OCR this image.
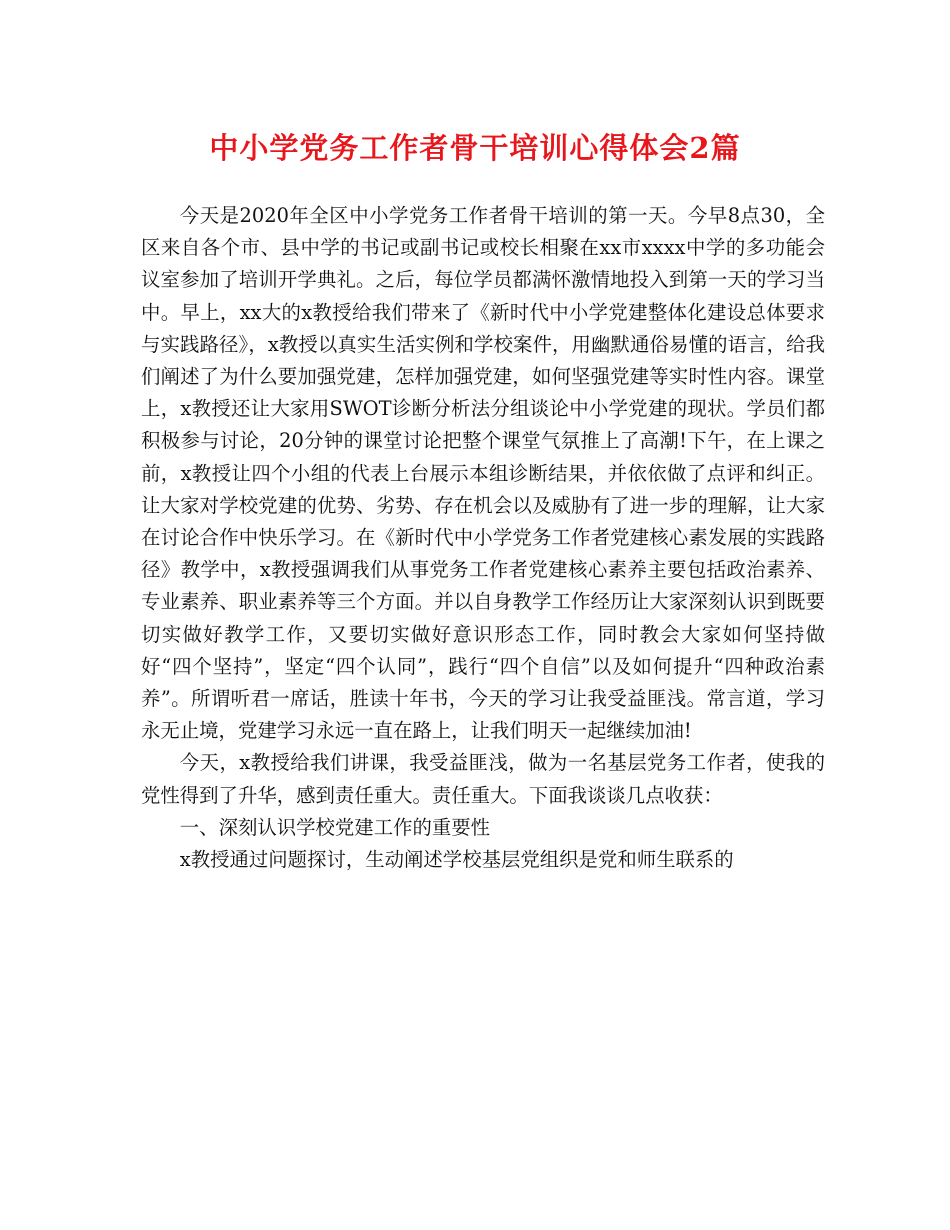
中小学党务工作者骨干培训心得体会2篇

今天是2020年全区中小学党务工作者骨干培训的第一天。今早8点30，全区来自各个市、县中学的书记或副书记或校长相聚在xx市xxxx中学的多功能会议室参加了培训开学典礼。之后，每位学员都满怀激情地投入到第一天的学习当中。早上，xx大的x教授给我们带来了《新时代中小学党建整体化建设总体要求与实践路径》，x教授以真实生活实例和学校案件，用幽默通俗易懂的语言，给我们阐述了为什么要加强党建，怎样加强党建，如何坚强党建等实时性内容。课堂上，x教授还让大家用SWOT诊断分析法分组谈论中小学党建的现状。学员们都积极参与讨论，20分钟的课堂讨论把整个课堂气氛推上了高潮!下午，在上课之前，x教授让四个小组的代表上台展示本组诊断结果，并依依做了点评和纠正。让大家对学校党建的优势、劣势、存在机会以及威胁有了进一步的理解，让大家在讨论合作中快乐学习。在《新时代中小学党务工作者党建核心素发展的实践路径》教学中，x教授强调我们从事党务工作者党建核心素养主要包括政治素养、专业素养、职业素养等三个方面。并以自身教学工作经历让大家深刻认识到既要切实做好教学工作，又要切实做好意识形态工作，同时教会大家如何坚持做好“四个坚持”，坚定“四个认同”，践行“四个自信”以及如何提升“四种政治素养”。所谓听君一席话，胜读十年书，今天的学习让我受益匪浅。常言道，学习永无止境，党建学习永远一直在路上，让我们明天一起继续加油!

今天，x教授给我们讲课，我受益匪浅，做为一名基层党务工作者，使我的党性得到了升华，感到责任重大。责任重大。下面我谈谈几点收获：

一、深刻认识学校党建工作的重要性

x教授通过问题探讨，生动阐述学校基层党组织是党和师生联系的
